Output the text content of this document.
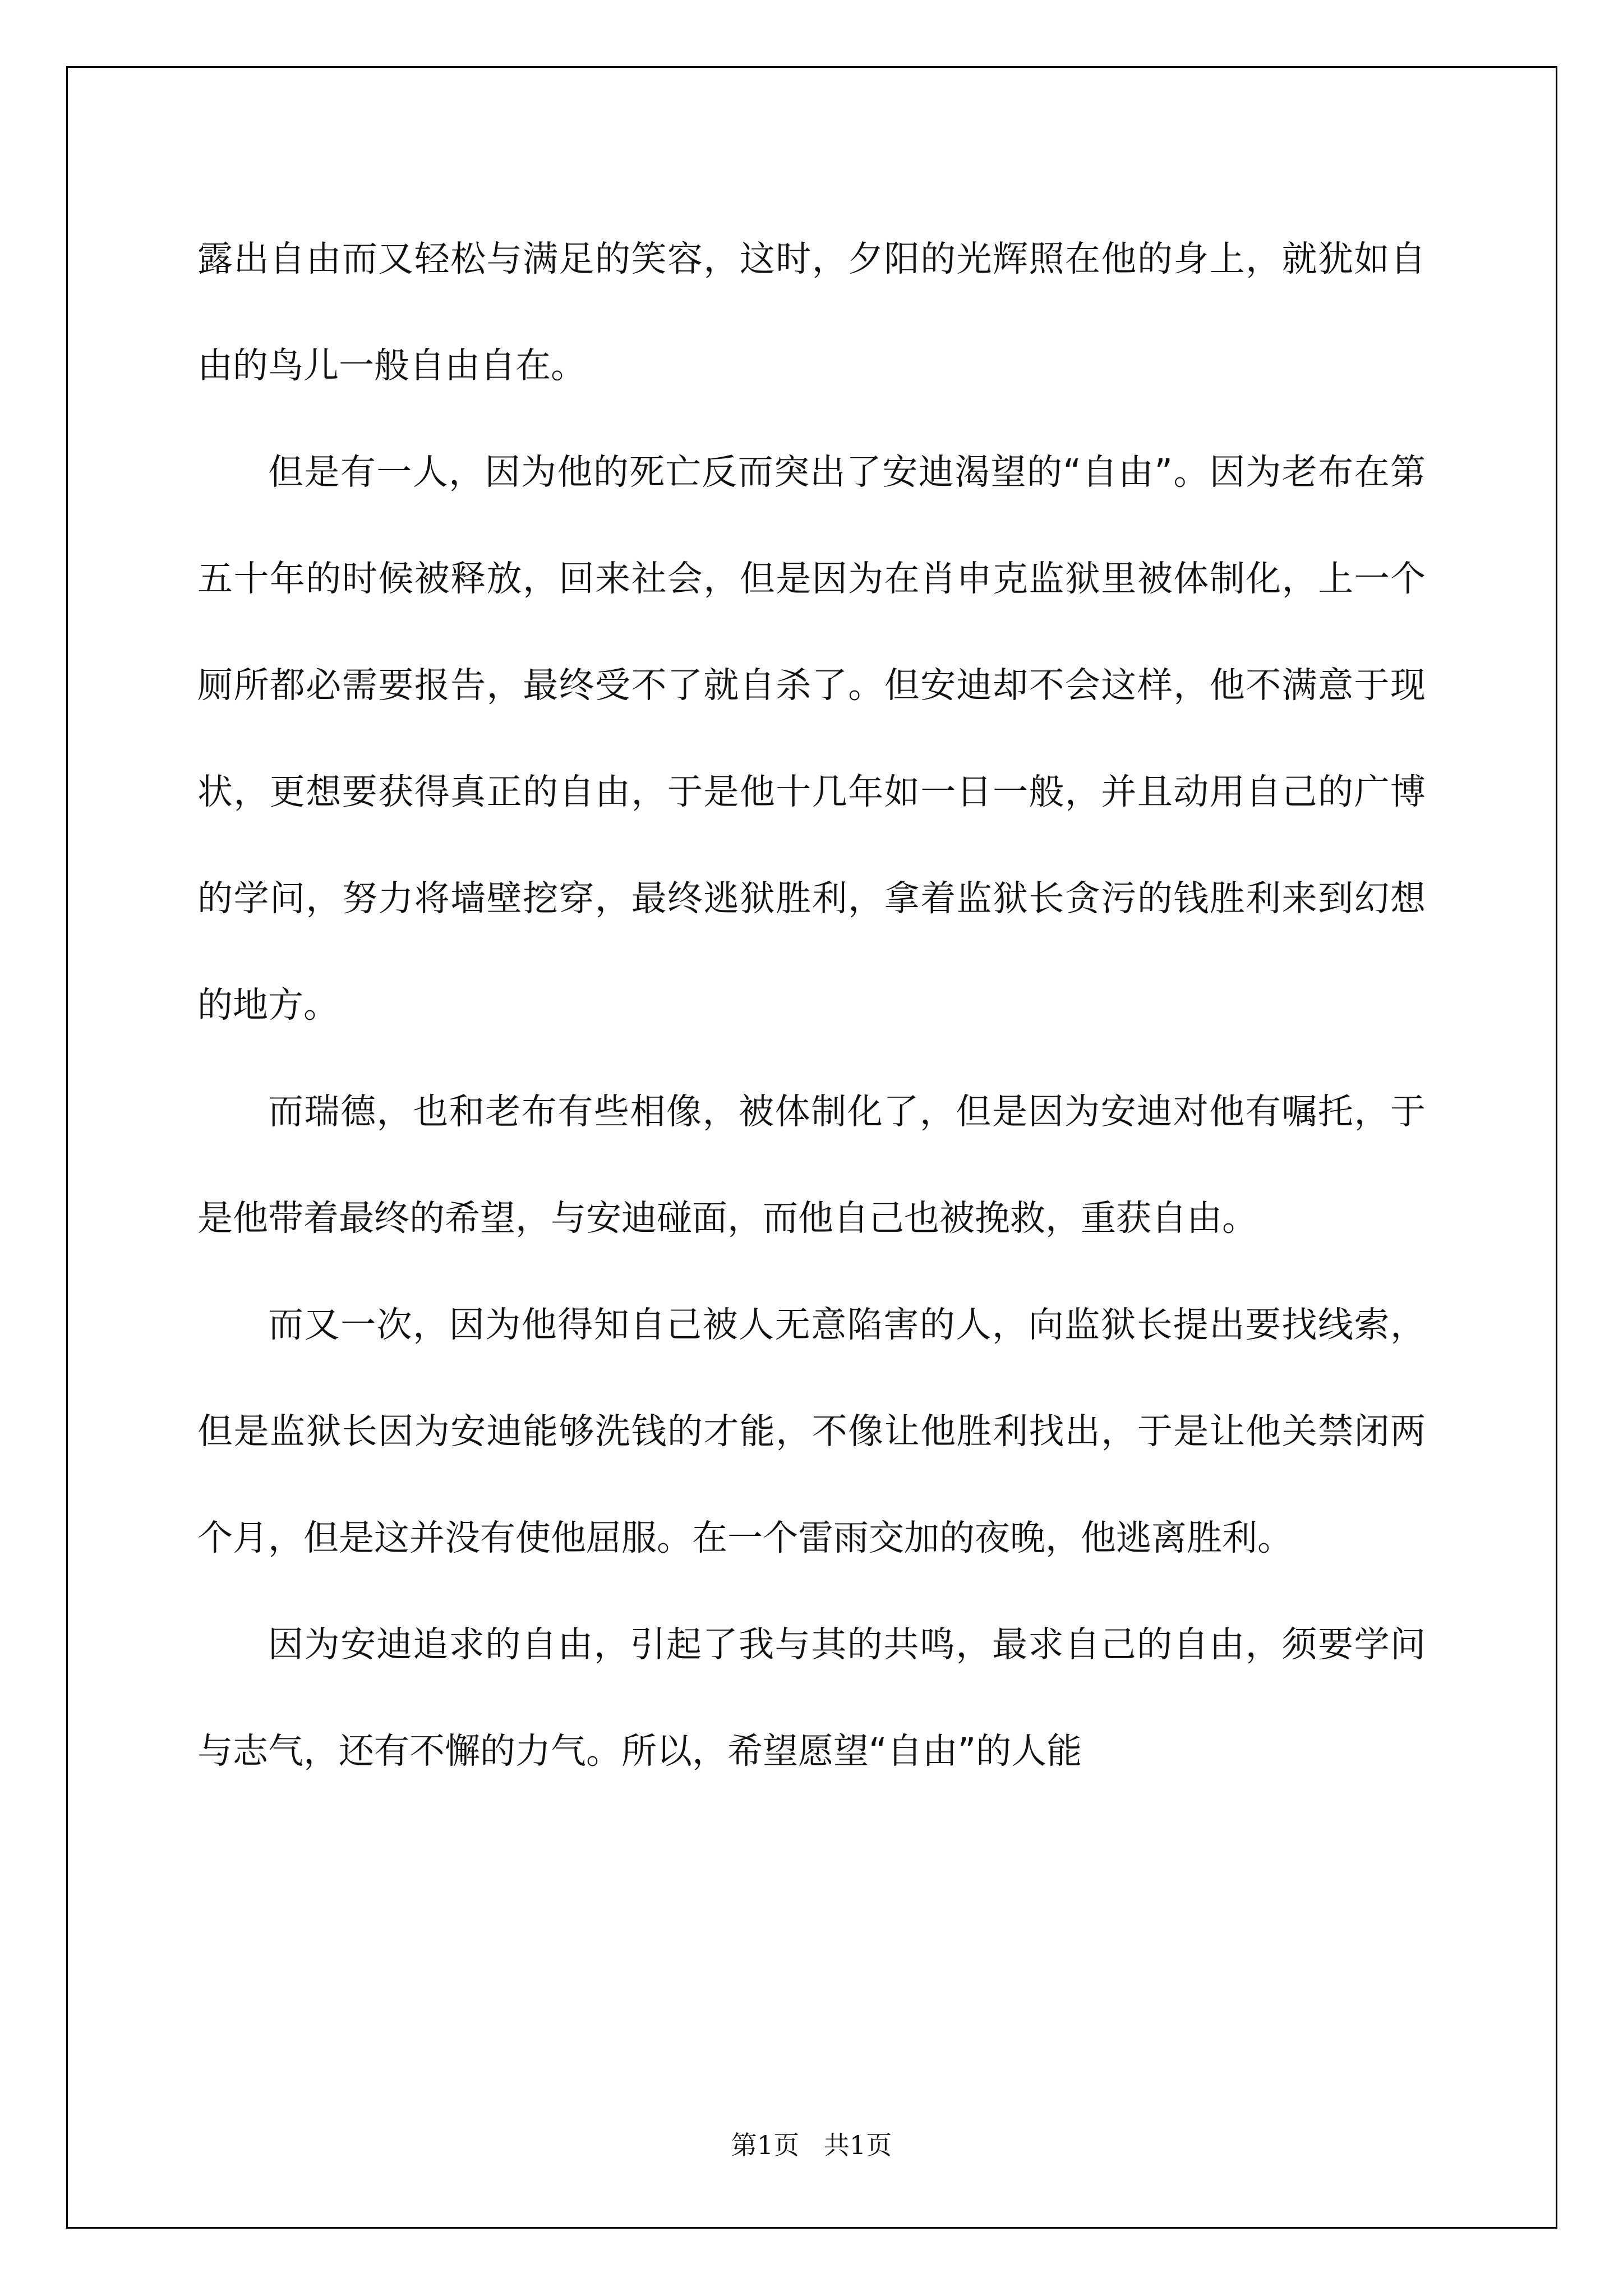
露出自由而又轻松与满足的笑容，这时，夕阳的光辉照在他的身上，就犹如自由的鸟儿一般自由自在。

但是有一人，因为他的死亡反而突出了安迪渴望的“自由”。因为老布在第五十年的时候被释放，回来社会，但是因为在肖申克监狱里被体制化，上一个厕所都必需要报告，最终受不了就自杀了。但安迪却不会这样，他不满意于现状，更想要获得真正的自由，于是他十几年如一日一般，并且动用自己的广博的学问，努力将墙壁挖穿，最终逃狱胜利，拿着监狱长贪污的钱胜利来到幻想的地方。

而瑞德，也和老布有些相像，被体制化了，但是因为安迪对他有嘱托，于是他带着最终的希望，与安迪碰面，而他自己也被挽救，重获自由。

而又一次，因为他得知自己被人无意陷害的人，向监狱长提出要找线索，但是监狱长因为安迪能够洗钱的才能，不像让他胜利找出，于是让他关禁闭两个月，但是这并没有使他屈服。在一个雷雨交加的夜晚，他逃离胜利。

因为安迪追求的自由，引起了我与其的共鸣，最求自己的自由，须要学问与志气，还有不懈的力气。所以，希望愿望“自由”的人能

第1页   共1页
